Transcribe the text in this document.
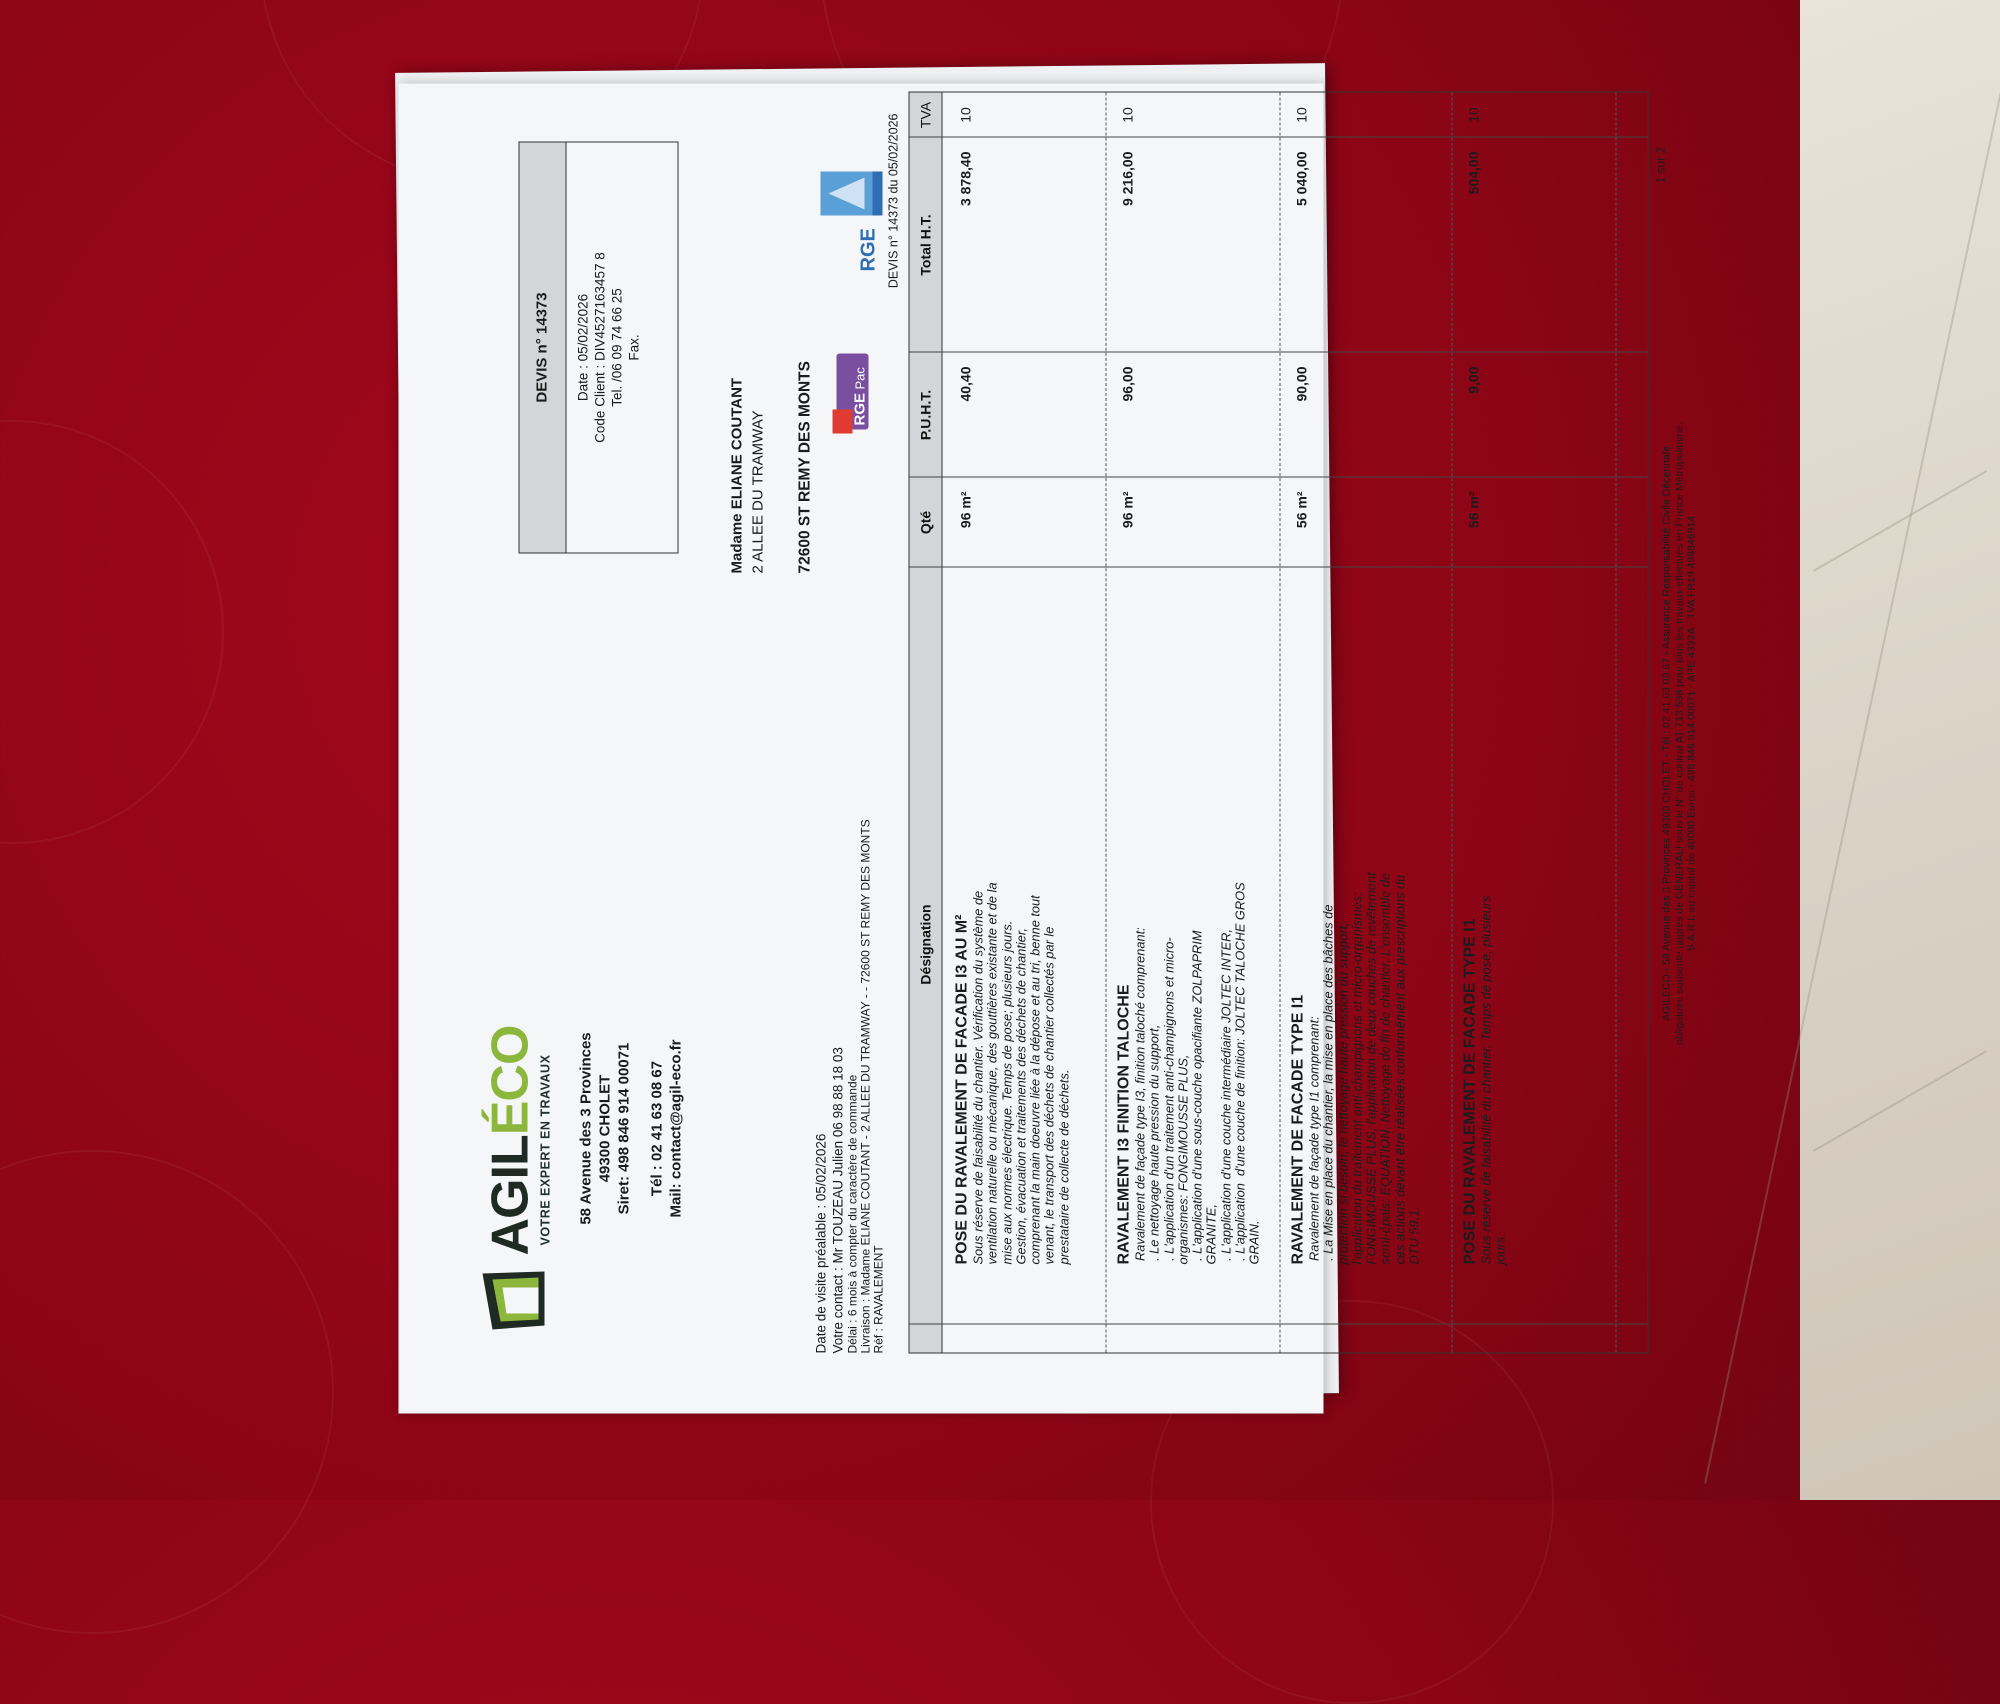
AGILÉCO VOTRE EXPERT EN TRAVAUX 58 Avenue des 3 Provinces 49300 CHOLET Siret: 498 846 914 00071 Tél : 02 41 63 08 67 Mail: contact@agil-eco.fr
DEVIS n° 14373	Date : 05/02/2026 Code Client : DIV4527163457 8 Tel. /06 09 74 66 25 Fax.
Madame ELIANE COUTANT 2 ALLEE DU TRAMWAY 72600 ST REMY DES MONTS	RGE
Pac
RGE
Date de visite préalable : 05/02/2026 Votre contact : Mr TOUZEAU Julien 06 98 88 18 03 Délai : 6 mois à compter du caractère de commande Livraison : Madame ELIANE COUTANT - 2 ALLEE DU TRAMWAY - - 72600 ST REMY DES MONTS Réf : RAVALEMENT
DEVIS n° 14373 du 05/02/2026
Désignation
Qté
P.U.H.T.
Total H.T.
TVA
POSE DU RAVALEMENT DE FACADE I3 AU M² Sous réserve de faisabilité du chantier. Vérification du système de ventilation naturelle ou mécanique, des gouttières existante et de la mise aux normes électrique. Temps de pose; plusieurs jours. Gestion, évacuation et traitements des déchets de chantier, comprenant la main doeuvre liée à la dépose et au tri, benne tout venant, le transport des déchets de chantier collectés par le prestataire de collecte de déchets.
96 m²
40,40
3 878,40
10
RAVALEMENT I3 FINITION TALOCHE Ravalement de façade type I3, finition taloché comprenant:
. Le nettoyage haute pression du support,
. L'application d'un traitement anti-champignons et micro- organismes: FONGIMOUSSE PLUS, . L'application d'une sous-couche opacifiante ZOLPAPRIM GRANITE, . L'application d'une couche intermédiaire JOLTEC INTER,
. L'application  d'une couche de finition: JOLTEC TALOCHE GROS GRAIN.
96 m²
96,00
9 216,00
10
RAVALEMENT DE FACADE TYPE I1 Ravalement de façade type I1 comprenant:
. La Mise en place du chantier, la mise en place des bâches de protection si besoin, le nettoyage haute pression du support, l'application du traitement anti-champignons et micro-organismes: FONGIMOUSSE PLUS, l'application de deux couches de revêtement semi-épais: EQUATION. Nettoyage de fin de chantier. L'ensemble de ces actions devant être réalisées conformément aux prescriptions du DTU 59.1.
56 m²
90,00
5 040,00
10
POSE DU RAVALEMENT DE FACADE TYPE I1 Sous réserve de faisabilité du chantier. Temps de pose, plusieurs jours.
56 m²
9,00
504,00
10
AGILECO - 58 Avenue des 3 Provinces 49300 CHOLET - Tél : 02 41 63 08 67 - Assurance Responsabilité Civile Décennale obligatoire souscrite auprès de GENERALI sous le N° de contrat AT 713 538 pour tous les travaux effectués en France Métropolitaine. S.A.R.L au capital de 40000 Euros - 498 846 914 00071 - APE 4332A - TVA FR19 498846914
1 sur 2
